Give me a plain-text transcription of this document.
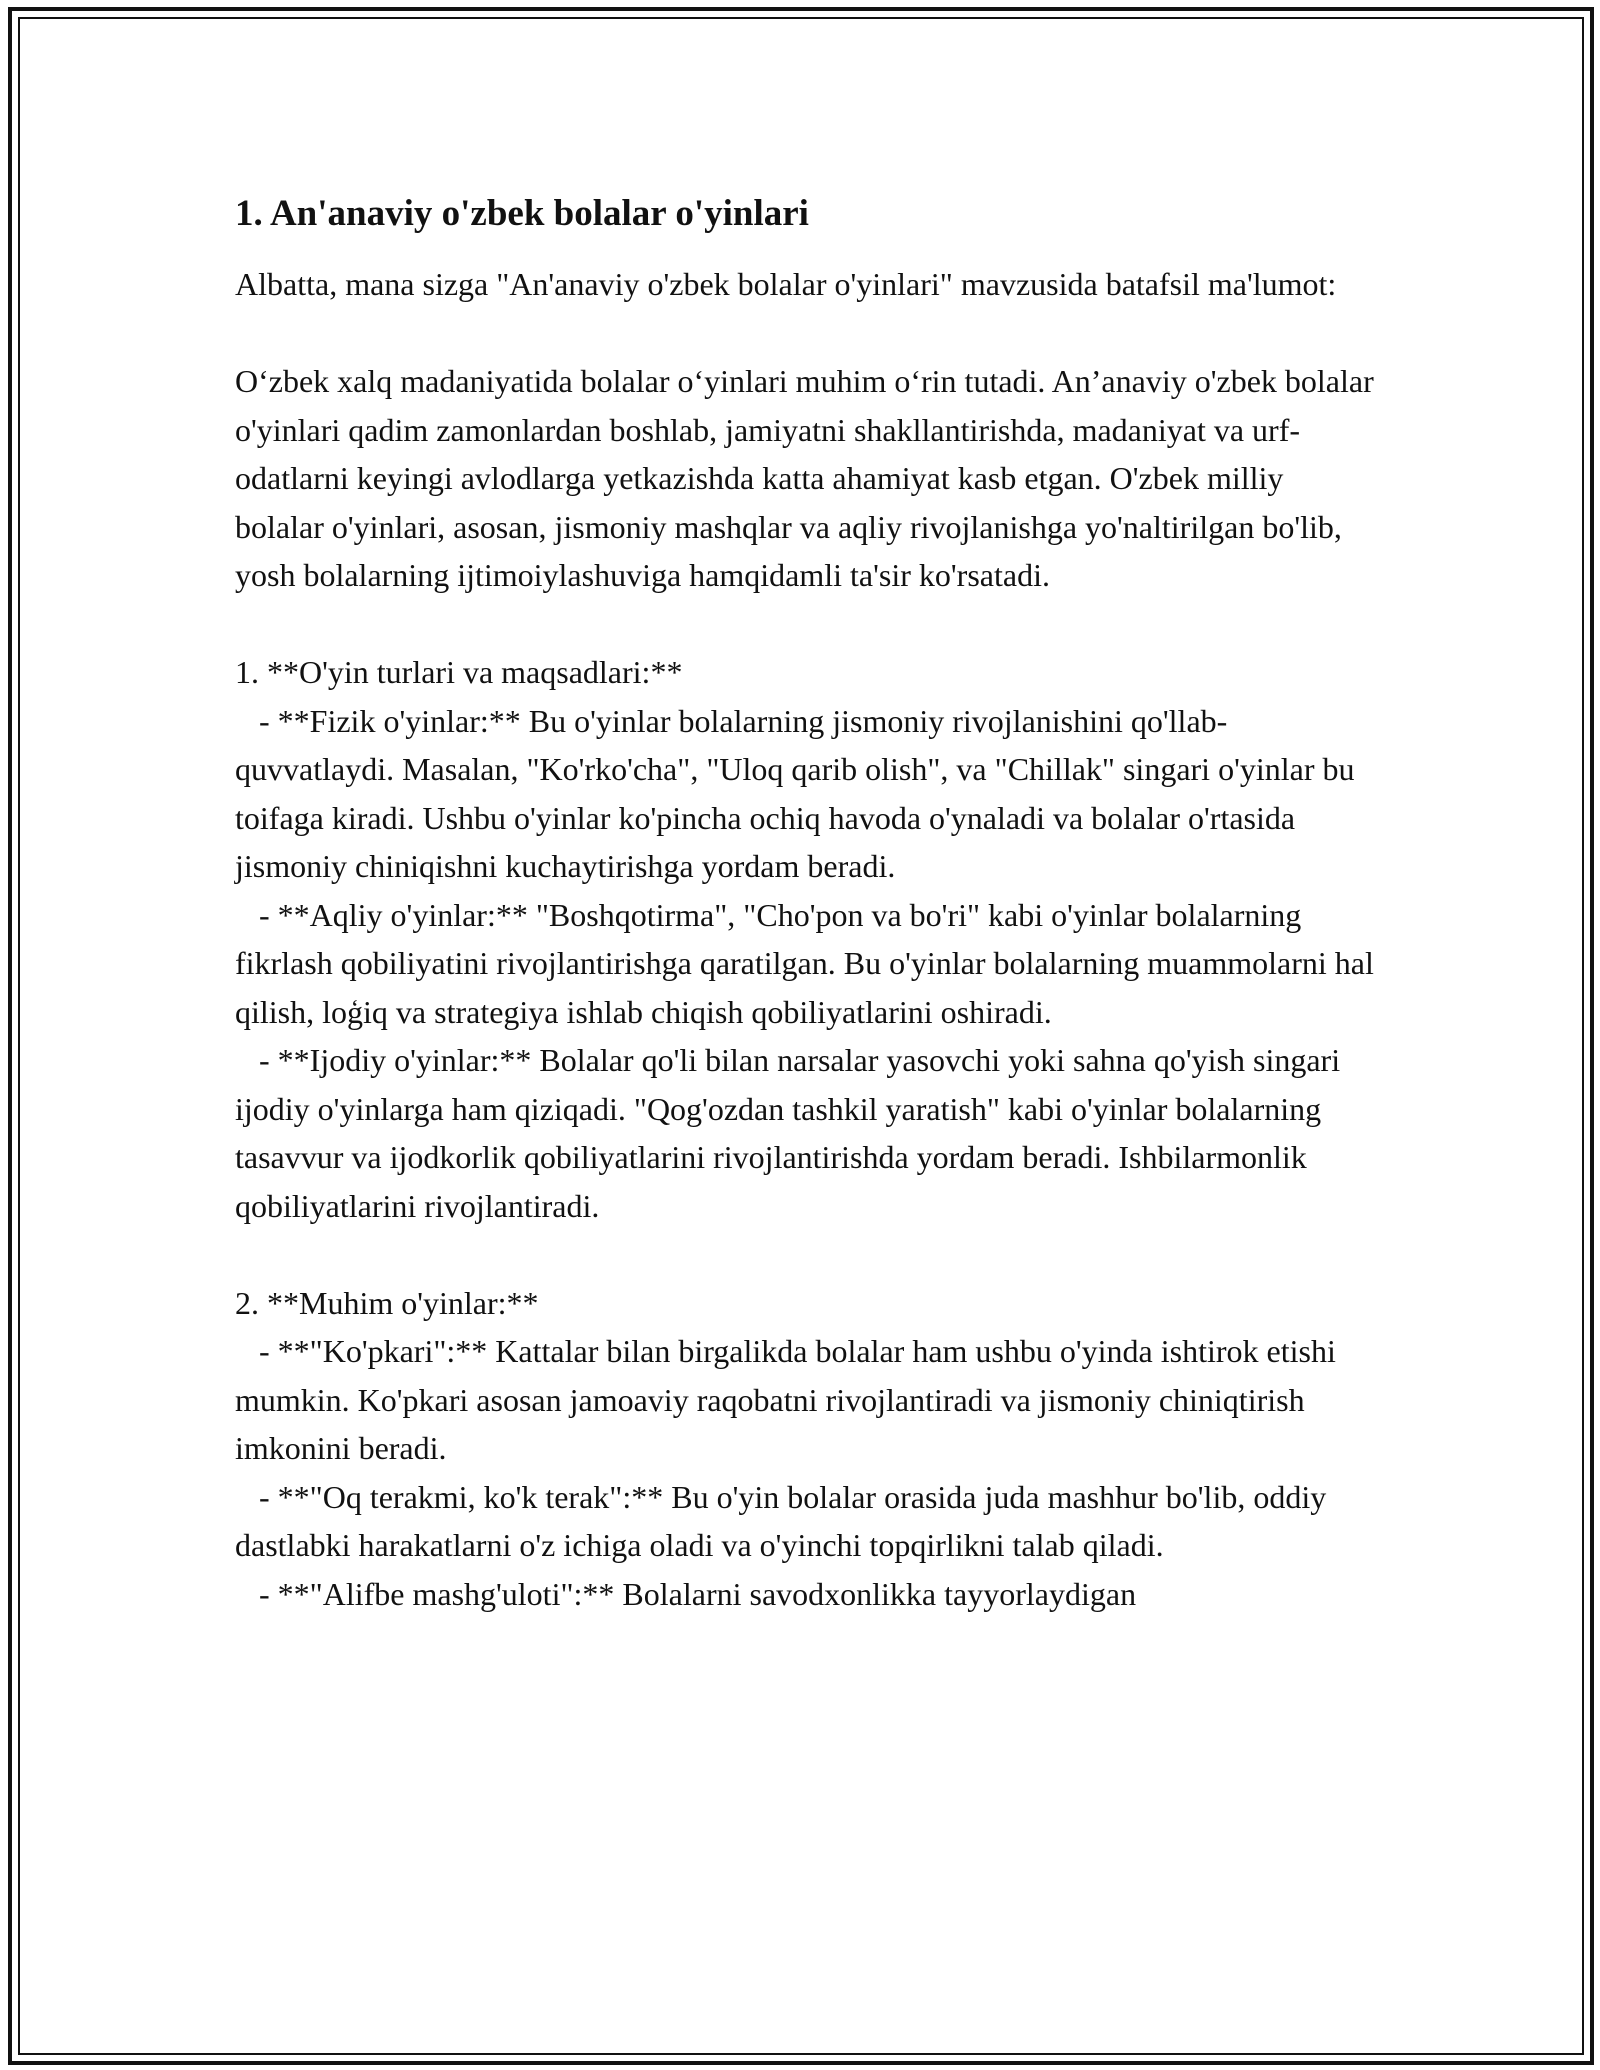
1. An'anaviy o'zbek bolalar o'yinlari

Albatta, mana sizga "An'anaviy o'zbek bolalar o'yinlari" mavzusida batafsil ma'lumot:

O‘zbek xalq madaniyatida bolalar o‘yinlari muhim o‘rin tutadi. An’anaviy o'zbek bolalar o'yinlari qadim zamonlardan boshlab, jamiyatni shakllantirishda, madaniyat va urf-odatlarni keyingi avlodlarga yetkazishda katta ahamiyat kasb etgan. O'zbek milliy bolalar o'yinlari, asosan, jismoniy mashqlar va aqliy rivojlanishga yo'naltirilgan bo'lib, yosh bolalarning ijtimoiylashuviga hamqidamli ta'sir ko'rsatadi.

1. **O'yin turlari va maqsadlari:**

- **Fizik o'yinlar:** Bu o'yinlar bolalarning jismoniy rivojlanishini qo'llab-quvvatlaydi. Masalan, "Ko'rko'cha", "Uloq qarib olish", va "Chillak" singari o'yinlar bu toifaga kiradi. Ushbu o'yinlar ko'pincha ochiq havoda o'ynaladi va bolalar o'rtasida jismoniy chiniqishni kuchaytirishga yordam beradi.

- **Aqliy o'yinlar:** "Boshqotirma", "Cho'pon va bo'ri" kabi o'yinlar bolalarning fikrlash qobiliyatini rivojlantirishga qaratilgan. Bu o'yinlar bolalarning muammolarni hal qilish, loģiq va strategiya ishlab chiqish qobiliyatlarini oshiradi.

- **Ijodiy o'yinlar:** Bolalar qo'li bilan narsalar yasovchi yoki sahna qo'yish singari ijodiy o'yinlarga ham qiziqadi. "Qog'ozdan tashkil yaratish" kabi o'yinlar bolalarning tasavvur va ijodkorlik qobiliyatlarini rivojlantirishda yordam beradi. Ishbilarmonlik qobiliyatlarini rivojlantiradi.

2. **Muhim o'yinlar:**

- **"Ko'pkari":** Kattalar bilan birgalikda bolalar ham ushbu o'yinda ishtirok etishi mumkin. Ko'pkari asosan jamoaviy raqobatni rivojlantiradi va jismoniy chiniqtirish imkonini beradi.

- **"Oq terakmi, ko'k terak":** Bu o'yin bolalar orasida juda mashhur bo'lib, oddiy dastlabki harakatlarni o'z ichiga oladi va o'yinchi topqirlikni talab qiladi.

- **"Alifbe mashg'uloti":** Bolalarni savodxonlikka tayyorlaydigan
